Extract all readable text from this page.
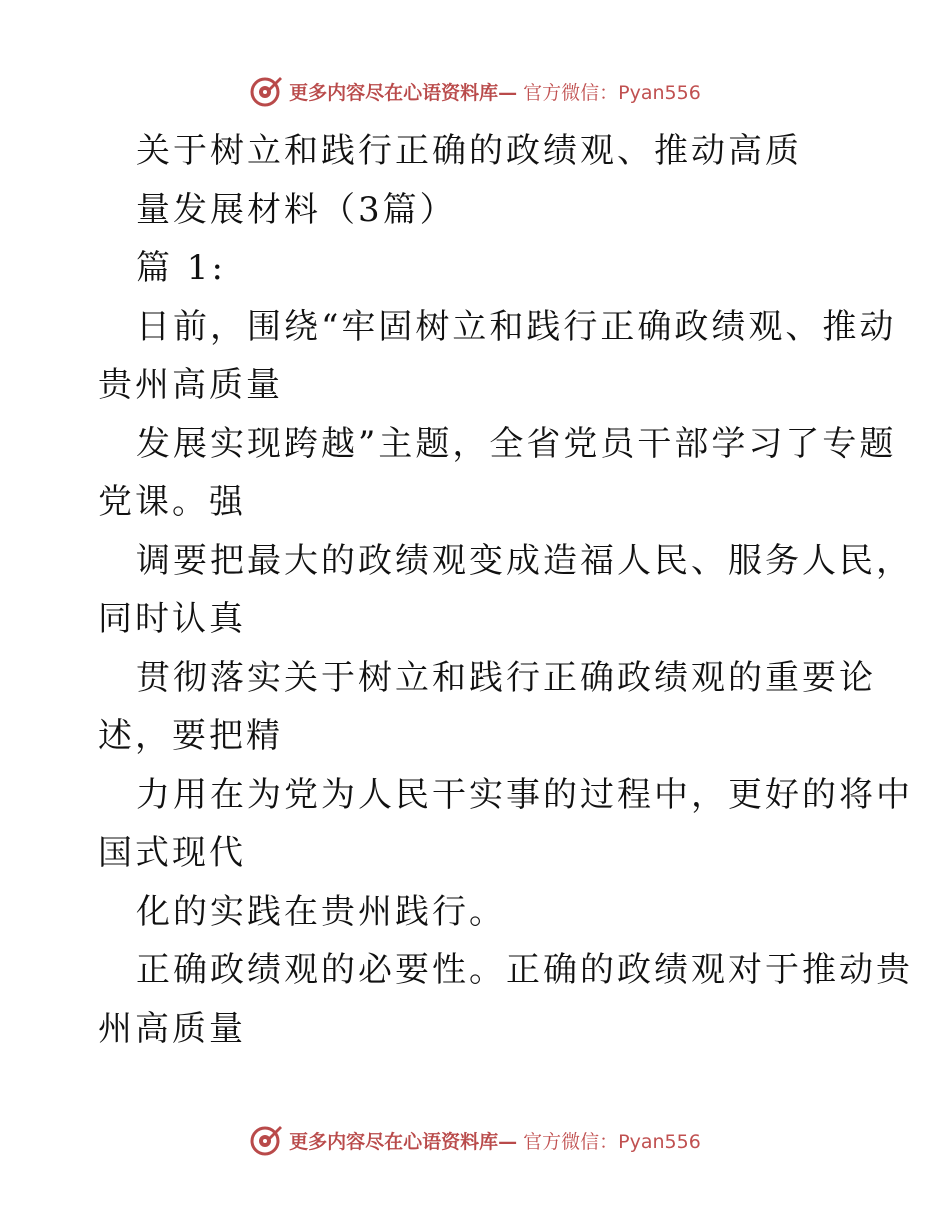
更多内容尽在心语资料库— 官方微信：Pyan556
关于树立和践行正确的政绩观、推动高质
量发展材料（3篇）
篇 1:
日前，围绕“牢固树立和践行正确政绩观、推动
贵州高质量
发展实现跨越”主题，全省党员干部学习了专题
党课。强
调要把最大的政绩观变成造福人民、服务人民，
同时认真
贯彻落实关于树立和践行正确政绩观的重要论
述，要把精
力用在为党为人民干实事的过程中，更好的将中
国式现代
化的实践在贵州践行。
正确政绩观的必要性。正确的政绩观对于推动贵
州高质量
更多内容尽在心语资料库— 官方微信：Pyan556
